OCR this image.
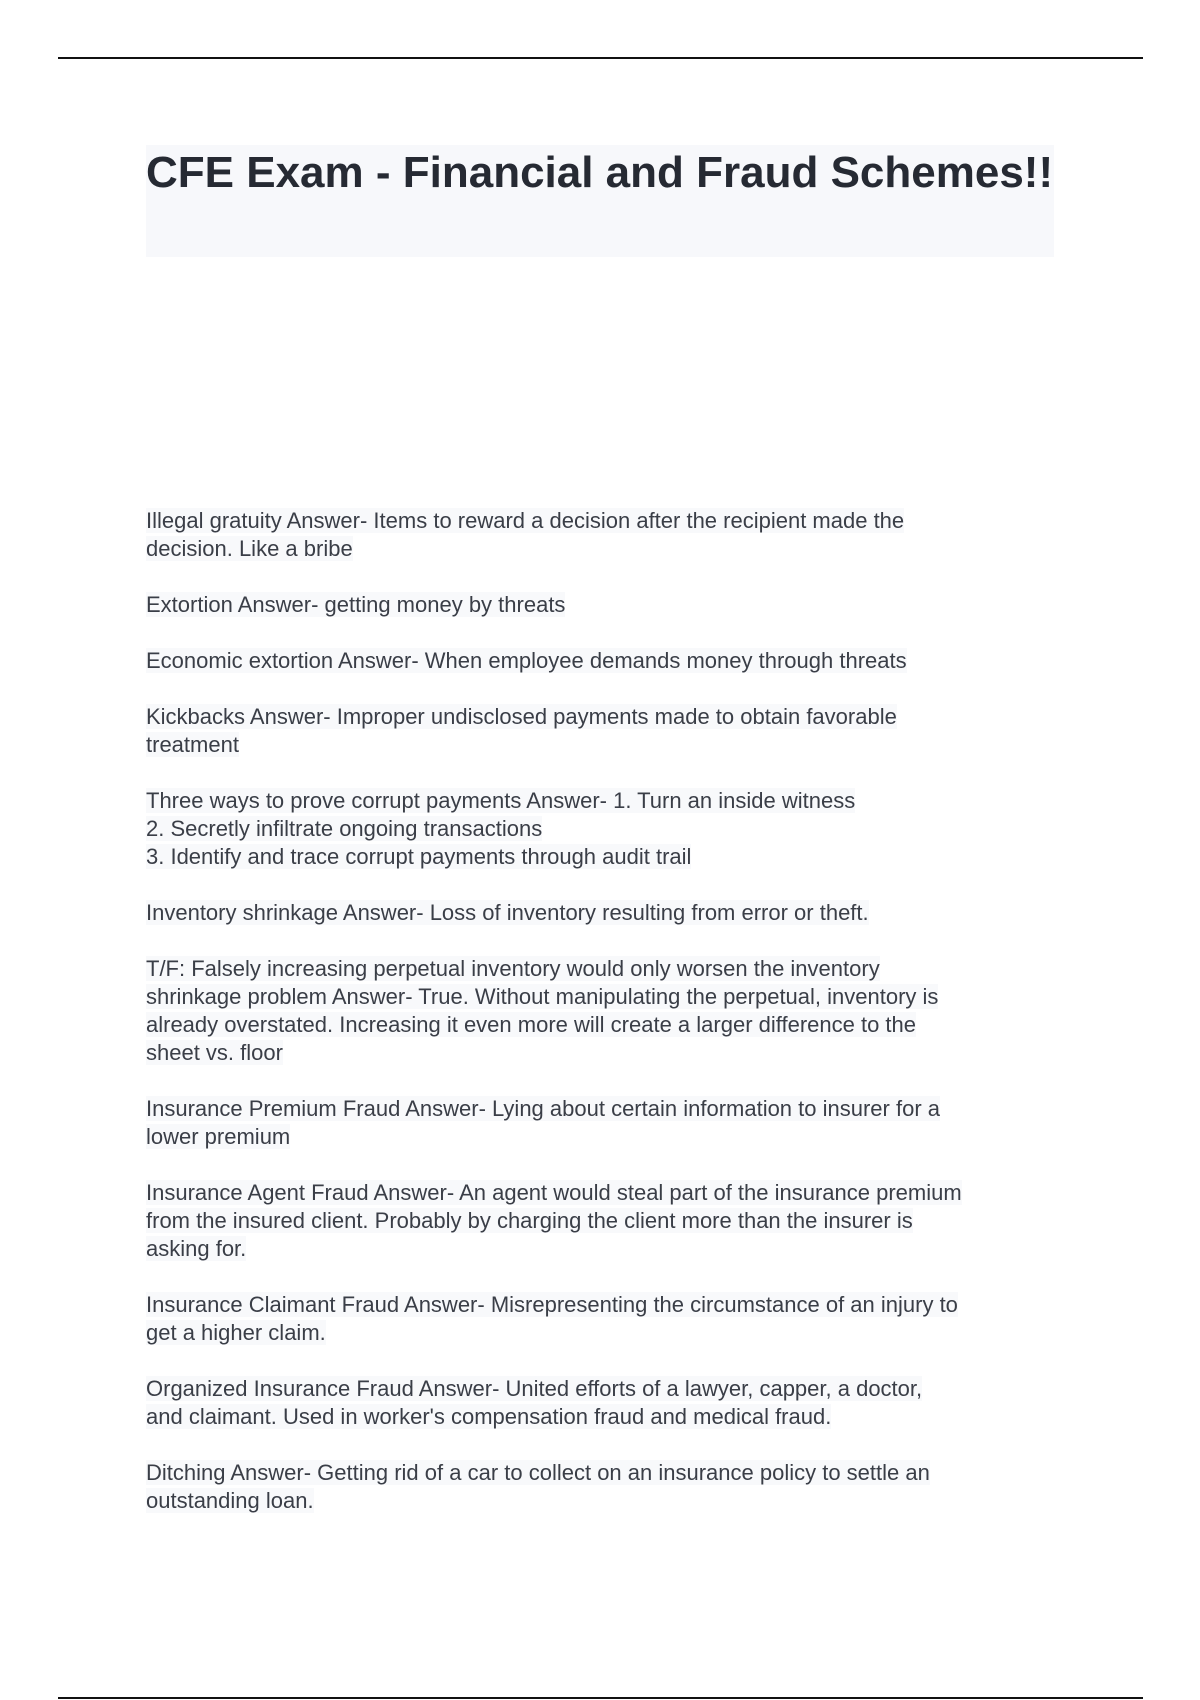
CFE Exam - Financial and Fraud Schemes!!
Illegal gratuity Answer- Items to reward a decision after the recipient made the
decision. Like a bribe
Extortion Answer- getting money by threats
Economic extortion Answer- When employee demands money through threats
Kickbacks Answer- Improper undisclosed payments made to obtain favorable
treatment
Three ways to prove corrupt payments Answer- 1. Turn an inside witness
2. Secretly infiltrate ongoing transactions
3. Identify and trace corrupt payments through audit trail
Inventory shrinkage Answer- Loss of inventory resulting from error or theft.
T/F: Falsely increasing perpetual inventory would only worsen the inventory
shrinkage problem Answer- True. Without manipulating the perpetual, inventory is
already overstated. Increasing it even more will create a larger difference to the
sheet vs. floor
Insurance Premium Fraud Answer- Lying about certain information to insurer for a
lower premium
Insurance Agent Fraud Answer- An agent would steal part of the insurance premium
from the insured client. Probably by charging the client more than the insurer is
asking for.
Insurance Claimant Fraud Answer- Misrepresenting the circumstance of an injury to
get a higher claim.
Organized Insurance Fraud Answer- United efforts of a lawyer, capper, a doctor,
and claimant. Used in worker's compensation fraud and medical fraud.
Ditching Answer- Getting rid of a car to collect on an insurance policy to settle an
outstanding loan.
